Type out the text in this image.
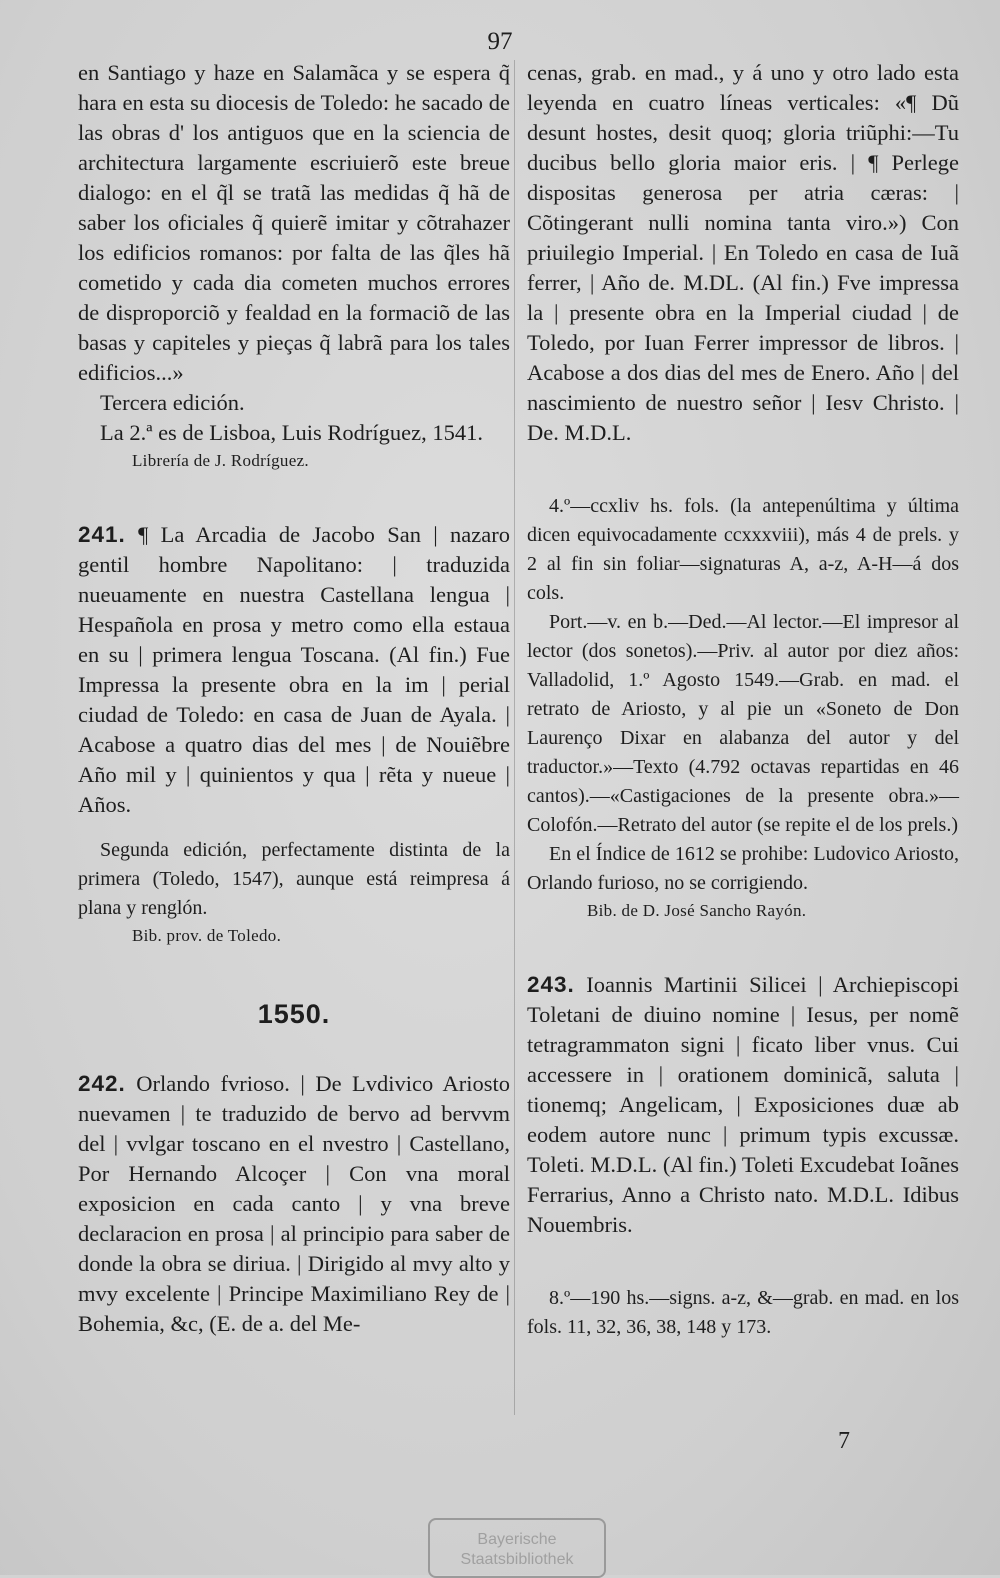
97

en Santiago y haze en Salamãca y se espera q̃ hara en esta su diocesis de Toledo: he sacado de las obras d' los antiguos que en la sciencia de architectura largamente escriuierõ este breue dialogo: en el q̃l se tratã las medidas q̃ hã de saber los oficiales q̃ quierẽ imitar y cõtrahazer los edificios romanos: por falta de las q̃les hã cometido y cada dia cometen muchos errores de disproporciõ y fealdad en la formaciõ de las basas y capiteles y pieças q̃ labrã para los tales edificios...»

Tercera edición.

La 2.ª es de Lisboa, Luis Rodríguez, 1541.

Librería de J. Rodríguez.

241. ¶ La Arcadia de Jacobo San | nazaro gentil hombre Napolitano: | traduzida nueuamente en nuestra Castellana lengua | Hespañola en prosa y metro como ella estaua en su | primera lengua Toscana. (Al fin.) Fue Impressa la presente obra en la im | perial ciudad de Toledo: en casa de Juan de Ayala. | Acabose a quatro dias del mes | de Nouiẽbre Año mil y | quinientos y qua | rẽta y nueue | Años.

Segunda edición, perfectamente distinta de la primera (Toledo, 1547), aunque está reimpresa á plana y renglón.

Bib. prov. de Toledo.

1550.

242. Orlando fvrioso. | De Lvdivico Ariosto nuevamen | te traduzido de bervo ad bervvm del | vvlgar toscano en el nvestro | Castellano, Por Hernando Alcoçer | Con vna moral exposicion en cada canto | y vna breve declaracion en prosa | al principio para saber de donde la obra se diriua. | Dirigido al mvy alto y mvy excelente | Principe Maximiliano Rey de | Bohemia, &c, (E. de a. del Me-

cenas, grab. en mad., y á uno y otro lado esta leyenda en cuatro líneas verticales: «¶ Dũ desunt hostes, desit quoq; gloria triũphi:—Tu ducibus bello gloria maior eris. | ¶ Perlege dispositas generosa per atria cæras: | Cõtingerant nulli nomina tanta viro.») Con priuilegio Imperial. | En Toledo en casa de Iuã ferrer, | Año de. M.DL. (Al fin.) Fve impressa la | presente obra en la Imperial ciudad | de Toledo, por Iuan Ferrer impressor de libros. | Acabose a dos dias del mes de Enero. Año | del nascimiento de nuestro señor | Iesv Christo. | De. M.D.L.

4.º—ccxliv hs. fols. (la antepenúltima y última dicen equivocadamente ccxxxviii), más 4 de prels. y 2 al fin sin foliar—signaturas A, a-z, A-H—á dos cols.

Port.—v. en b.—Ded.—Al lector.—El impresor al lector (dos sonetos).—Priv. al autor por diez años: Valladolid, 1.º Agosto 1549.—Grab. en mad. el retrato de Ariosto, y al pie un «Soneto de Don Laurenço Dixar en alabanza del autor y del traductor.»—Texto (4.792 octavas repartidas en 46 cantos).—«Castigaciones de la presente obra.»—Colofón.—Retrato del autor (se repite el de los prels.)

En el Índice de 1612 se prohibe: Ludovico Ariosto, Orlando furioso, no se corrigiendo.

Bib. de D. José Sancho Rayón.

243. Ioannis Martinii Silicei | Archiepiscopi Toletani de diuino nomine | Iesus, per nomẽ tetragrammaton signi | ficato liber vnus. Cui accessere in | orationem dominicã, saluta | tionemq; Angelicam, | Exposiciones duæ ab eodem autore nunc | primum typis excussæ. Toleti. M.D.L. (Al fin.) Toleti Excudebat Ioãnes Ferrarius, Anno a Christo nato. M.D.L. Idibus Nouembris.

8.º—190 hs.—signs. a-z, &—grab. en mad. en los fols. 11, 32, 36, 38, 148 y 173.

7
Bayerische
Staatsbibliothek
